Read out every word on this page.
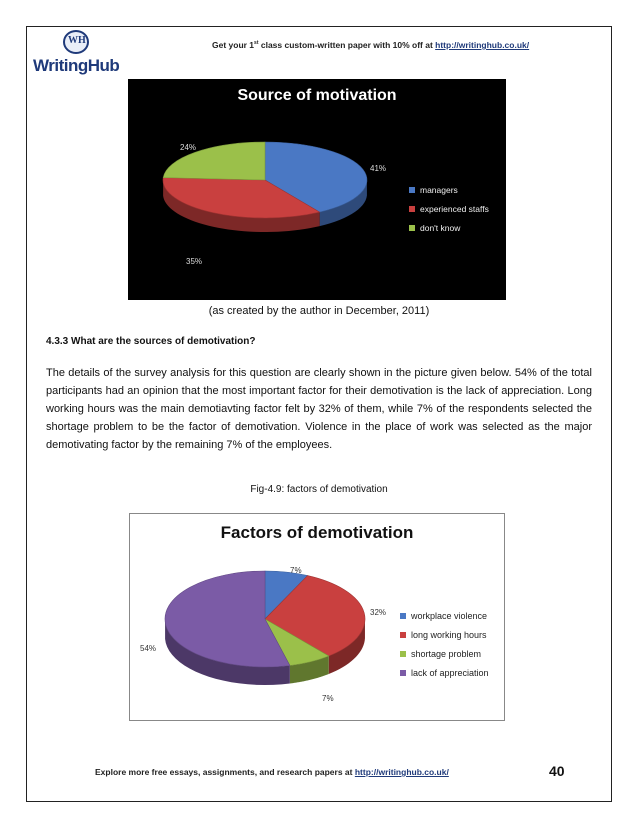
WH
WritingHub
Get your 1st class custom-written paper with 10% off at http://writinghub.co.uk/
Source of motivation
24%
41%
35%
managers
experienced staffs
don't know
(as created by the author in December, 2011)
4.3.3 What are the sources of demotivation?
The details of the survey analysis for this question are clearly shown in the picture given below. 54% of the total participants had an opinion that the most important factor for their demotivation is the lack of appreciation. Long working hours was the main demotiavting factor felt by 32% of them, while 7% of the respondents selected the shortage problem to be the factor of demotivation. Violence in the place of work was selected as the major demotivating factor by the remaining 7% of the employees.
Fig-4.9: factors of demotivation
Factors of demotivation
7%
32%
7%
54%
workplace violence
long working hours
shortage problem
lack of appreciation
Explore more free essays, assignments, and research papers at http://writinghub.co.uk/	40
